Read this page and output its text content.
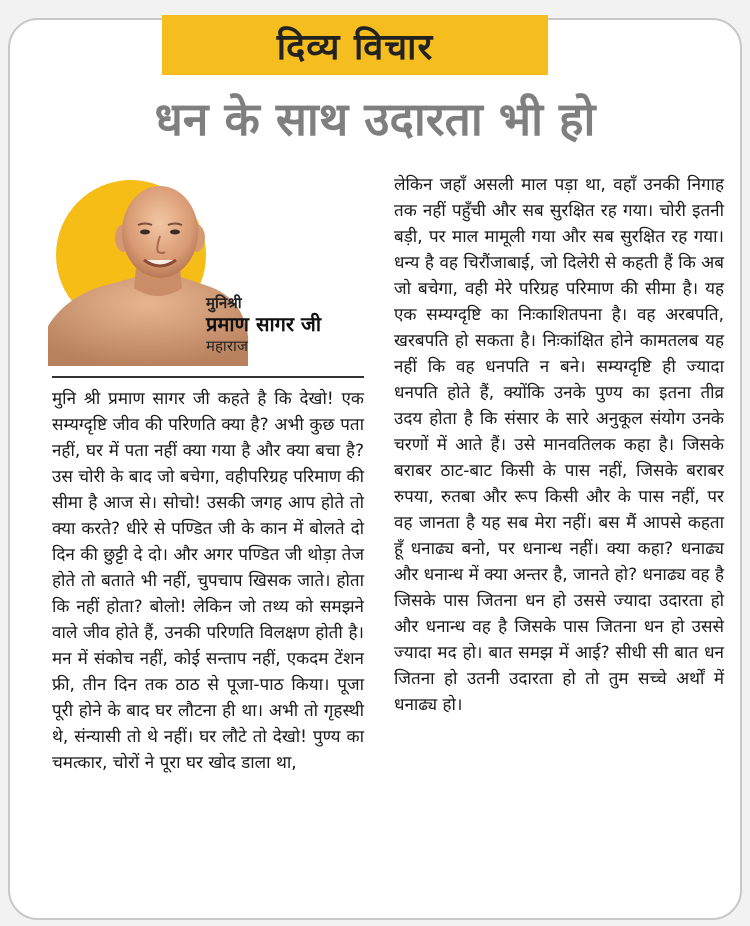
दिव्य विचार
धन के साथ उदारता भी हो
मुनिश्री
प्रमाण सागर जी
महाराज
मुनि श्री प्रमाण सागर जी कहते है कि देखो! एक सम्यग्दृष्टि जीव की परिणति क्या है? अभी कुछ पता नहीं, घर में पता नहीं क्या गया है और क्या बचा है? उस चोरी के बाद जो बचेगा, वहीपरिग्रह परिमाण की सीमा है आज से। सोचो! उसकी जगह आप होते तो क्या करते? धीरे से पण्डित जी के कान में बोलते दो दिन की छुट्टी दे दो। और अगर पण्डित जी थोड़ा तेज होते तो बताते भी नहीं, चुपचाप खिसक जाते। होता कि नहीं होता? बोलो! लेकिन जो तथ्य को समझने वाले जीव होते हैं, उनकी परिणति विलक्षण होती है। मन में संकोच नहीं, कोई सन्ताप नहीं, एकदम टेंशन फ्री, तीन दिन तक ठाठ से पूजा-पाठ किया। पूजा पूरी होने के बाद घर लौटना ही था। अभी तो गृहस्थी थे, संन्यासी तो थे नहीं। घर लौटे तो देखो! पुण्य का चमत्कार, चोरों ने पूरा घर खोद डाला था,
लेकिन जहाँ असली माल पड़ा था, वहाँ उनकी निगाह तक नहीं पहुँची और सब सुरक्षित रह गया। चोरी इतनी बड़ी, पर माल मामूली गया और सब सुरक्षित रह गया। धन्य है वह चिरौंजाबाई, जो दिलेरी से कहती हैं कि अब जो बचेगा, वही मेरे परिग्रह परिमाण की सीमा है। यह एक सम्यग्दृष्टि का निःकाशितपना है। वह अरबपति, खरबपति हो सकता है। निःकांक्षित होने कामतलब यह नहीं कि वह धनपति न बने। सम्यग्दृष्टि ही ज्यादा धनपति होते हैं, क्योंकि उनके पुण्य का इतना तीव्र उदय होता है कि संसार के सारे अनुकूल संयोग उनके चरणों में आते हैं। उसे मानवतिलक कहा है। जिसके बराबर ठाट-बाट किसी के पास नहीं, जिसके बराबर रुपया, रुतबा और रूप किसी और के पास नहीं, पर वह जानता है यह सब मेरा नहीं। बस मैं आपसे कहता हूँ धनाढ्य बनो, पर धनान्ध नहीं। क्या कहा? धनाढ्य और धनान्ध में क्या अन्तर है, जानते हो? धनाढ्य वह है जिसके पास जितना धन हो उससे ज्यादा उदारता हो और धनान्ध वह है जिसके पास जितना धन हो उससे ज्यादा मद हो। बात समझ में आई? सीधी सी बात धन जितना हो उतनी उदारता हो तो तुम सच्चे अर्थों में धनाढ्य हो।
